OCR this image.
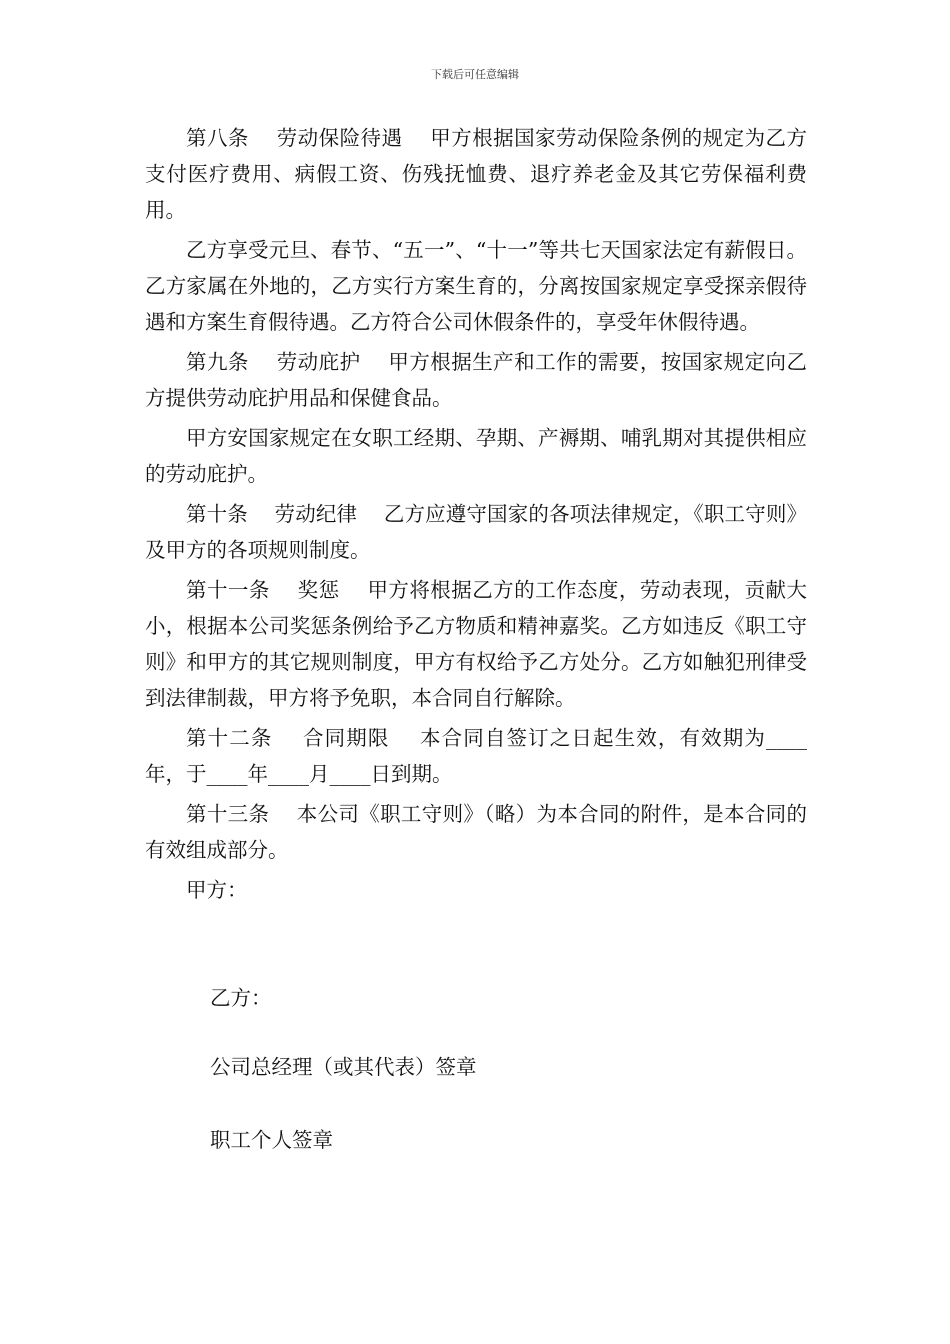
下载后可任意编辑

第八条    劳动保险待遇    甲方根据国家劳动保险条例的规定为乙方支付医疗费用、病假工资、伤残抚恤费、退疗养老金及其它劳保福利费用。

乙方享受元旦、春节、“五一”、“十一”等共七天国家法定有薪假日。乙方家属在外地的，乙方实行方案生育的，分离按国家规定享受探亲假待遇和方案生育假待遇。乙方符合公司休假条件的，享受年休假待遇。

第九条    劳动庇护    甲方根据生产和工作的需要，按国家规定向乙方提供劳动庇护用品和保健食品。

甲方安国家规定在女职工经期、孕期、产褥期、哺乳期对其提供相应的劳动庇护。

第十条    劳动纪律    乙方应遵守国家的各项法律规定，《职工守则》及甲方的各项规则制度。

第十一条    奖惩    甲方将根据乙方的工作态度，劳动表现，贡献大小，根据本公司奖惩条例给予乙方物质和精神嘉奖。乙方如违反《职工守则》和甲方的其它规则制度，甲方有权给予乙方处分。乙方如触犯刑律受到法律制裁，甲方将予免职，本合同自行解除。

第十二条    合同期限    本合同自签订之日起生效，有效期为____年，于____年____月____日到期。

第十三条    本公司《职工守则》（略）为本合同的附件，是本合同的有效组成部分。

甲方：

乙方：
公司总经理（或其代表）签章
职工个人签章
